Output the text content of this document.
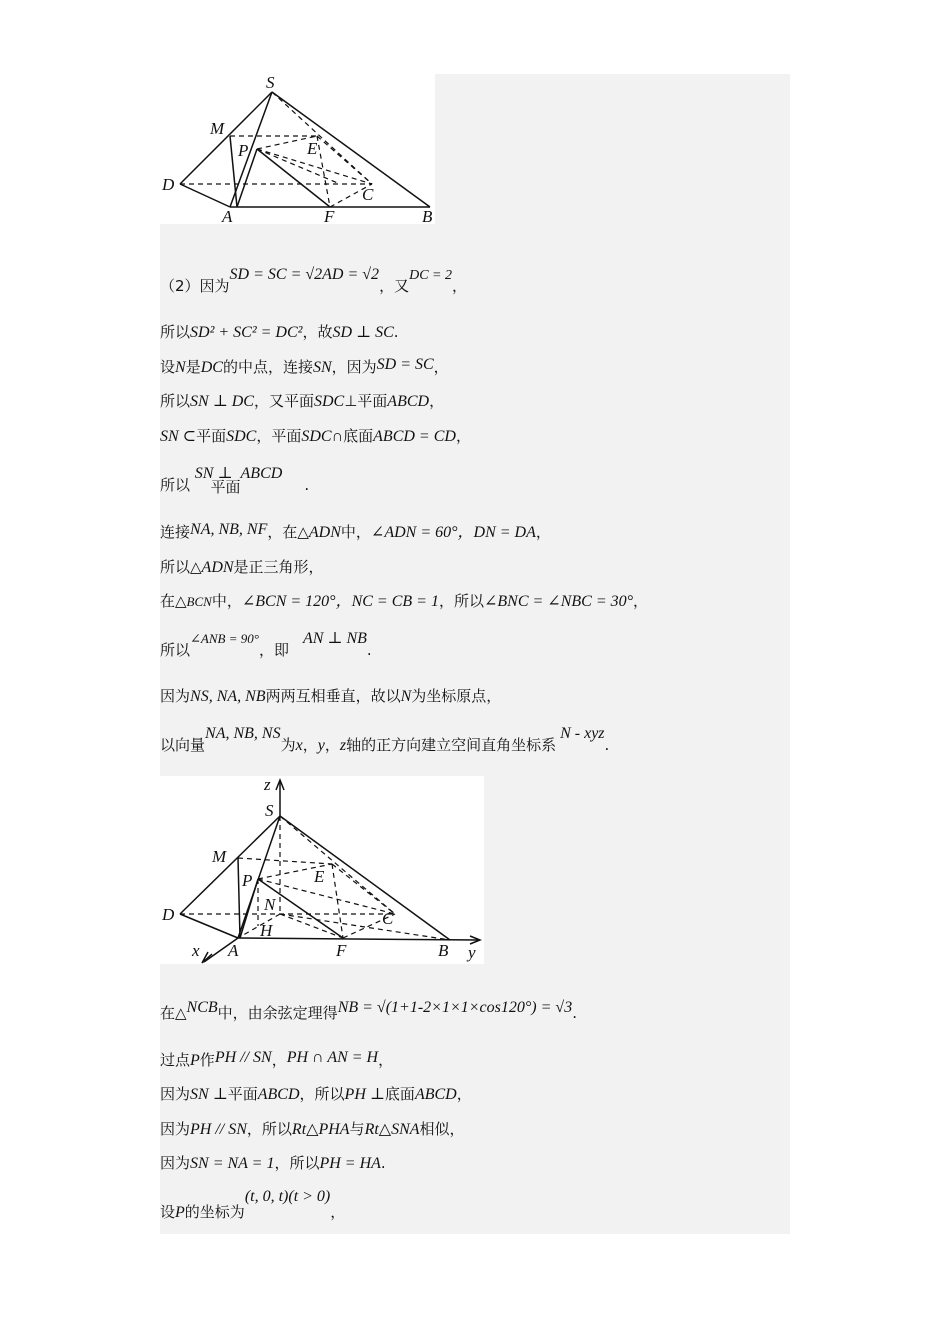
S
M
P	E
D
C
A	F	B
（2）因为SD = SC = √2AD = √2，又DC = 2，
所以SD² + SC² = DC²，故SD ⊥ SC.
设N是DC的中点，连接SN，因为SD = SC，
所以SN ⊥ DC，又平面SDC⊥平面ABCD，
SN ⊂平面SDC，平面SDC∩底面ABCD = CD，
所以 SN ⊥平面ABCD.
连接NA, NB, NF，在△ADN中，∠ADN = 60°，DN = DA，
所以△ADN是正三角形，
在△BCN中，∠BCN = 120°，NC = CB = 1，所以∠BNC = ∠NBC = 30°，
所以∠ANB = 90°，即AN ⊥ NB.
因为NS, NA, NB两两互相垂直，故以N为坐标原点，
以向量NA, NB, NS为x，y，z轴的正方向建立空间直角坐标系N - xyz.
z
S
M
P	E
N
D	C
H
A	F	B
x	y
在△NCB中，由余弦定理得NB = √(1+1-2×1×1×cos120°) = √3.
过点P作PH // SN，PH ∩ AN = H，
因为SN ⊥平面ABCD，所以PH ⊥底面ABCD，
因为PH // SN，所以Rt△PHA与Rt△SNA相似，
因为SN = NA = 1，所以PH = HA.
设P的坐标为(t, 0, t)(t > 0)，
